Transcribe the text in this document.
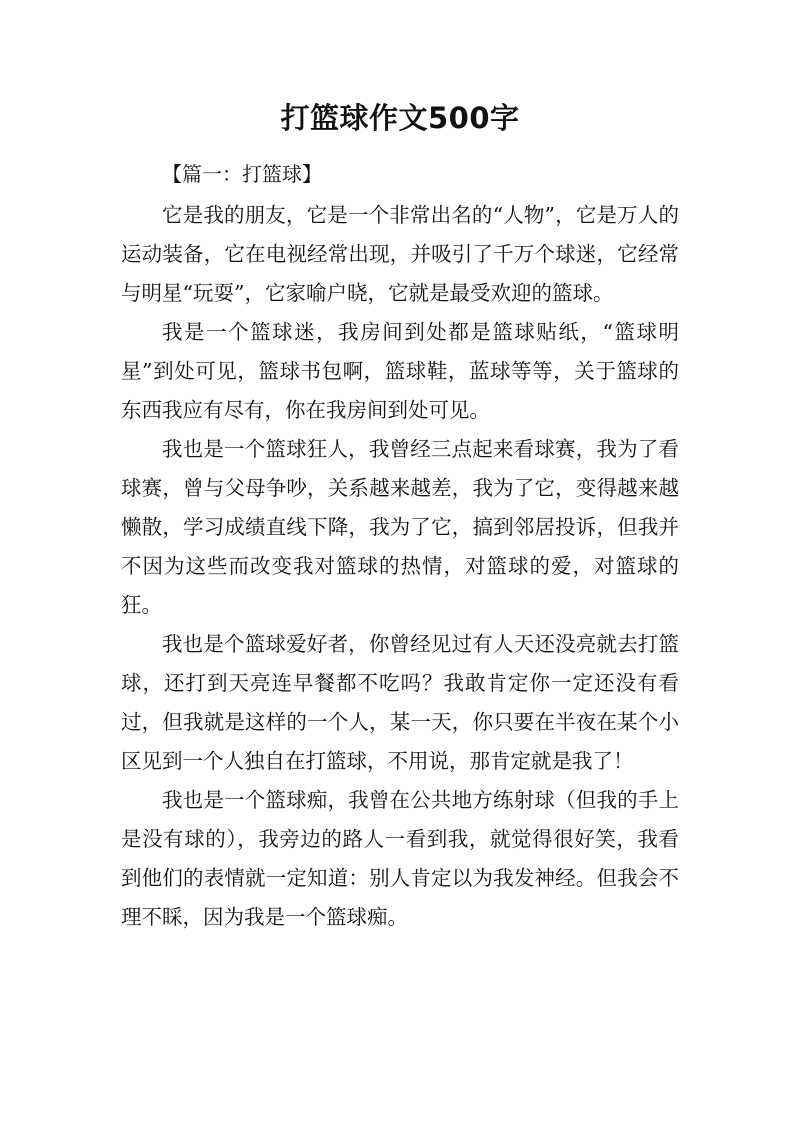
打篮球作文500字
【篇一：打篮球】

它是我的朋友，它是一个非常出名的“人物”，它是万人的运动装备，它在电视经常出现，并吸引了千万个球迷，它经常与明星“玩耍”，它家喻户晓，它就是最受欢迎的篮球。

我是一个篮球迷，我房间到处都是篮球贴纸，“篮球明星”到处可见，篮球书包啊，篮球鞋，蓝球等等，关于篮球的东西我应有尽有，你在我房间到处可见。

我也是一个篮球狂人，我曾经三点起来看球赛，我为了看球赛，曾与父母争吵，关系越来越差，我为了它，变得越来越懒散，学习成绩直线下降，我为了它，搞到邻居投诉，但我并不因为这些而改变我对篮球的热情，对篮球的爱，对篮球的狂。

我也是个篮球爱好者，你曾经见过有人天还没亮就去打篮球，还打到天亮连早餐都不吃吗？我敢肯定你一定还没有看过，但我就是这样的一个人，某一天，你只要在半夜在某个小区见到一个人独自在打篮球，不用说，那肯定就是我了！

我也是一个篮球痴，我曾在公共地方练射球（但我的手上是没有球的），我旁边的路人一看到我，就觉得很好笑，我看到他们的表情就一定知道：别人肯定以为我发神经。但我会不理不睬，因为我是一个篮球痴。
